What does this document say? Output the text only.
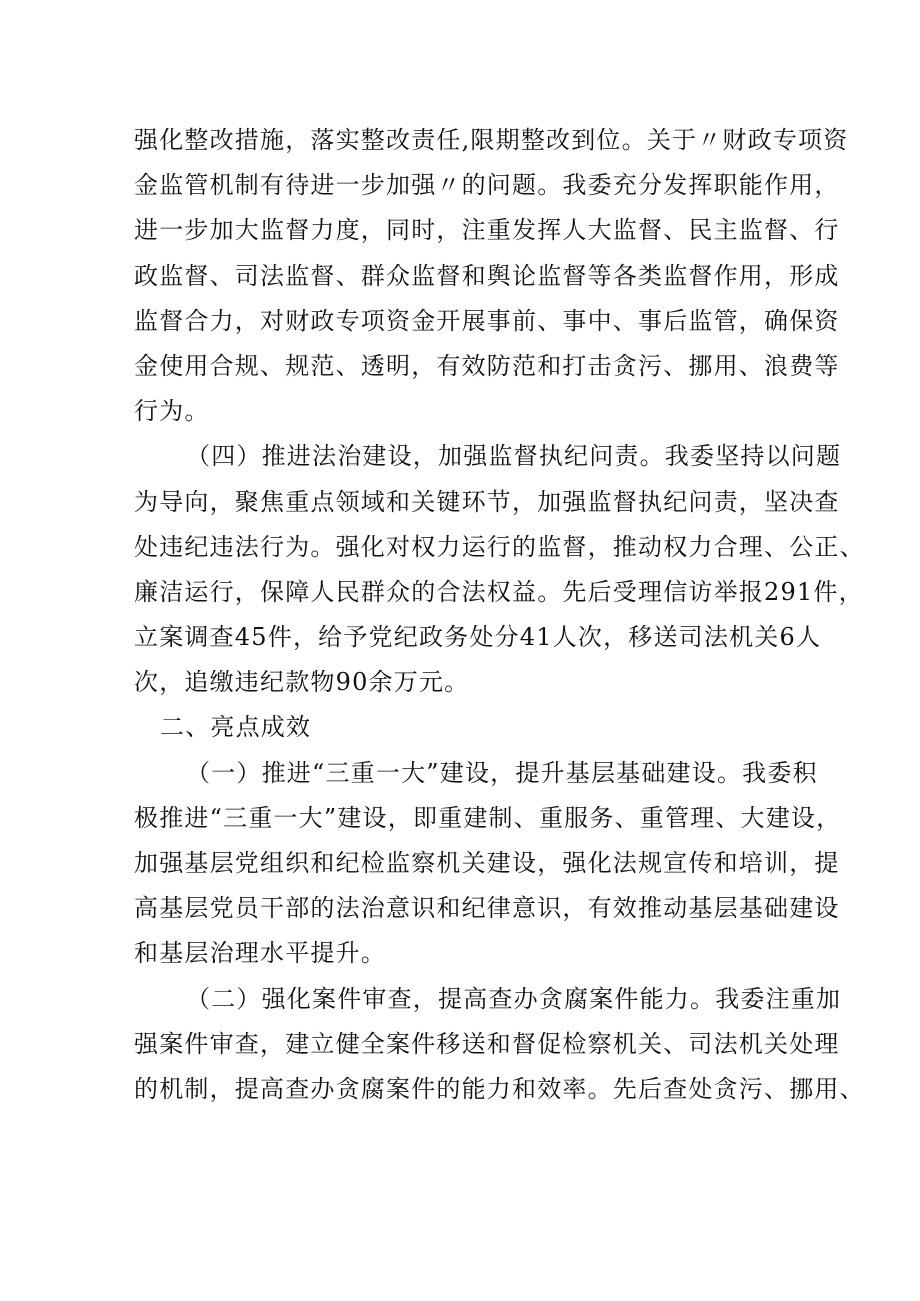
强化整改措施，落实整改责任,限期整改到位。关于〃财政专项资
金监管机制有待进一步加强〃的问题。我委充分发挥职能作用，
进一步加大监督力度，同时，注重发挥人大监督、民主监督、行
政监督、司法监督、群众监督和舆论监督等各类监督作用，形成
监督合力，对财政专项资金开展事前、事中、事后监管，确保资
金使用合规、规范、透明，有效防范和打击贪污、挪用、浪费等
行为。
（四）推进法治建设，加强监督执纪问责。我委坚持以问题
为导向，聚焦重点领域和关键环节，加强监督执纪问责，坚决查
处违纪违法行为。强化对权力运行的监督，推动权力合理、公正、
廉洁运行，保障人民群众的合法权益。先后受理信访举报291件，
立案调查45件，给予党纪政务处分41人次，移送司法机关6人
次，追缴违纪款物90余万元。
二、亮点成效
（一）推进“三重一大”建设，提升基层基础建设。我委积
极推进“三重一大”建设，即重建制、重服务、重管理、大建设，
加强基层党组织和纪检监察机关建设，强化法规宣传和培训，提
高基层党员干部的法治意识和纪律意识，有效推动基层基础建设
和基层治理水平提升。
（二）强化案件审查，提高查办贪腐案件能力。我委注重加
强案件审查，建立健全案件移送和督促检察机关、司法机关处理
的机制，提高查办贪腐案件的能力和效率。先后查处贪污、挪用、
